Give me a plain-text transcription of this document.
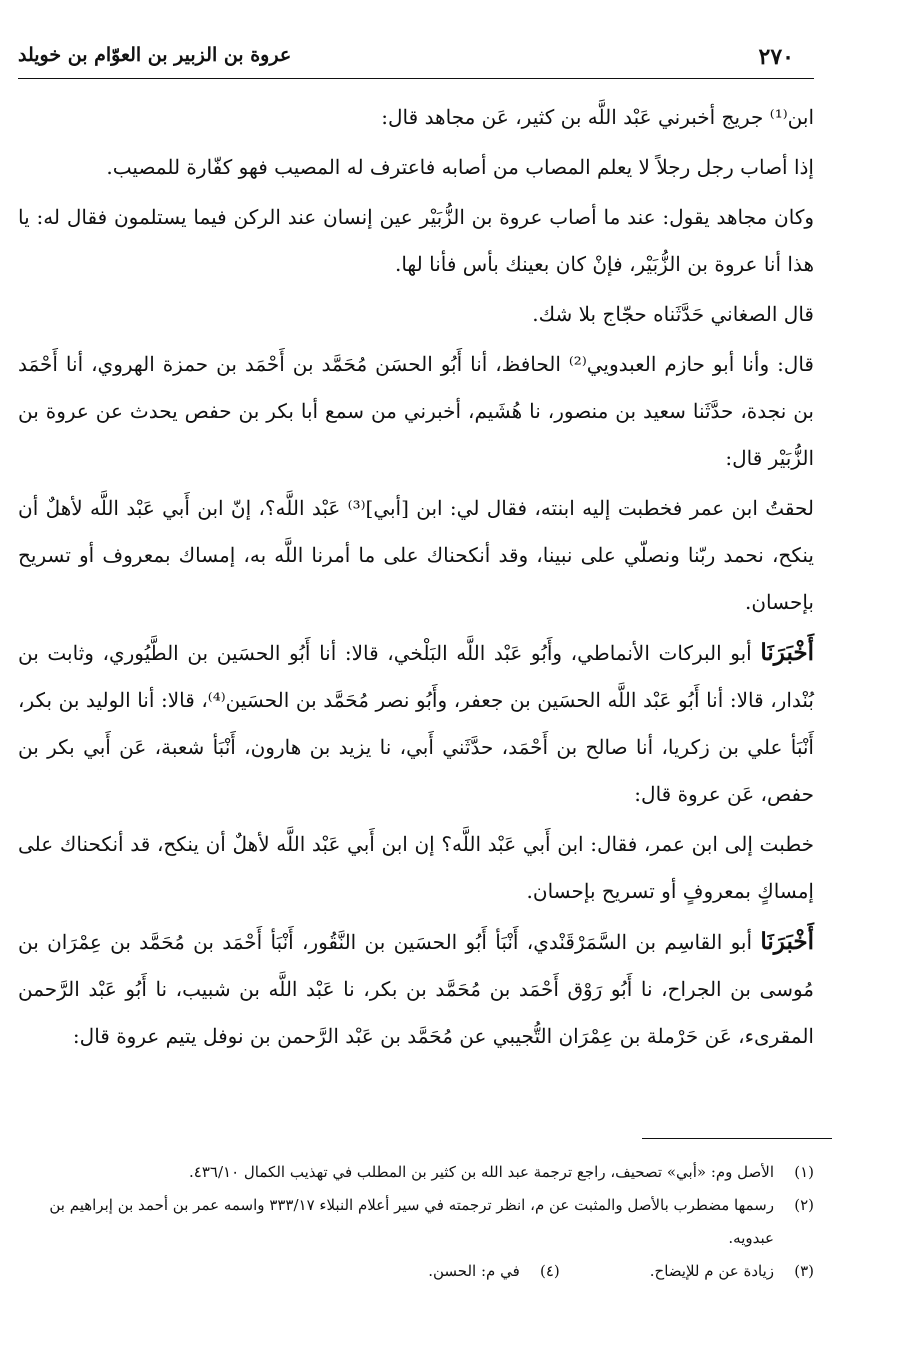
٢٧٠
عروة بن الزبير بن العوّام بن خويلد

ابن⁽¹⁾ جريج أخبرني عَبْد اللَّه بن كثير، عَن مجاهد قال:

إذا أصاب رجل رجلاً لا يعلم المصاب من أصابه فاعترف له المصيب فهو كفّارة للمصيب.

وكان مجاهد يقول: عند ما أصاب عروة بن الزُّبَيْر عين إنسان عند الركن فيما يستلمون فقال له: يا هذا أنا عروة بن الزُّبَيْر، فإنْ كان بعينك بأس فأنا لها.

قال الصغاني حَدَّثَناه حجّاج بلا شك.

قال: وأنا أبو حازم العبدويي⁽²⁾ الحافظ، أنا أَبُو الحسَن مُحَمَّد بن أَحْمَد بن حمزة الهروي، أنا أَحْمَد بن نجدة، حدَّثَنا سعيد بن منصور، نا هُشَيم، أخبرني من سمع أبا بكر بن حفص يحدث عن عروة بن الزُّبَيْر قال:

لحقتُ ابن عمر فخطبت إليه ابنته، فقال لي: ابن [أبي]⁽³⁾ عَبْد اللَّه؟، إنّ ابن أَبي عَبْد اللَّه لأهلٌ أن ينكح، نحمد ربّنا ونصلّي على نبينا، وقد أنكحناك على ما أمرنا اللَّه به، إمساك بمعروف أو تسريح بإحسان.

أَخْبَرَنَا أبو البركات الأنماطي، وأَبُو عَبْد اللَّه البَلْخي، قالا: أنا أَبُو الحسَين بن الطَّيُوري، وثابت بن بُنْدار، قالا: أنا أَبُو عَبْد اللَّه الحسَين بن جعفر، وأَبُو نصر مُحَمَّد بن الحسَين⁽⁴⁾، قالا: أنا الوليد بن بكر، أَنْبَأ علي بن زكريا، أنا صالح بن أَحْمَد، حدَّثَني أَبي، نا يزيد بن هارون، أَنْبَأ شعبة، عَن أَبي بكر بن حفص، عَن عروة قال:

خطبت إلى ابن عمر، فقال: ابن أَبي عَبْد اللَّه؟ إن ابن أَبي عَبْد اللَّه لأهلٌ أن ينكح، قد أنكحناك على إمساكٍ بمعروفٍ أو تسريح بإحسان.

أَخْبَرَنَا أبو القاسِم بن السَّمَرْقَنْدي، أَنْبَأ أَبُو الحسَين بن النَّقُور، أَنْبَأ أَحْمَد بن مُحَمَّد بن عِمْرَان بن مُوسى بن الجراح، نا أَبُو رَوْق أَحْمَد بن مُحَمَّد بن بكر، نا عَبْد اللَّه بن شبيب، نا أَبُو عَبْد الرَّحمن المقرىء، عَن حَرْملة بن عِمْرَان التُّجيبي عن مُحَمَّد بن عَبْد الرَّحمن بن نوفل يتيم عروة قال:

(١)
الأصل وم: «أبي» تصحيف، راجع ترجمة عبد الله بن كثير بن المطلب في تهذيب الكمال ٤٣٦/١٠.
(٢)
رسمها مضطرب بالأصل والمثبت عن م، انظر ترجمته في سير أعلام النبلاء ٣٣٣/١٧ واسمه عمر بن أحمد بن إبراهيم بن عبدويه.
(٣)
زيادة عن م للإيضاح.
(٤)
في م: الحسن.
